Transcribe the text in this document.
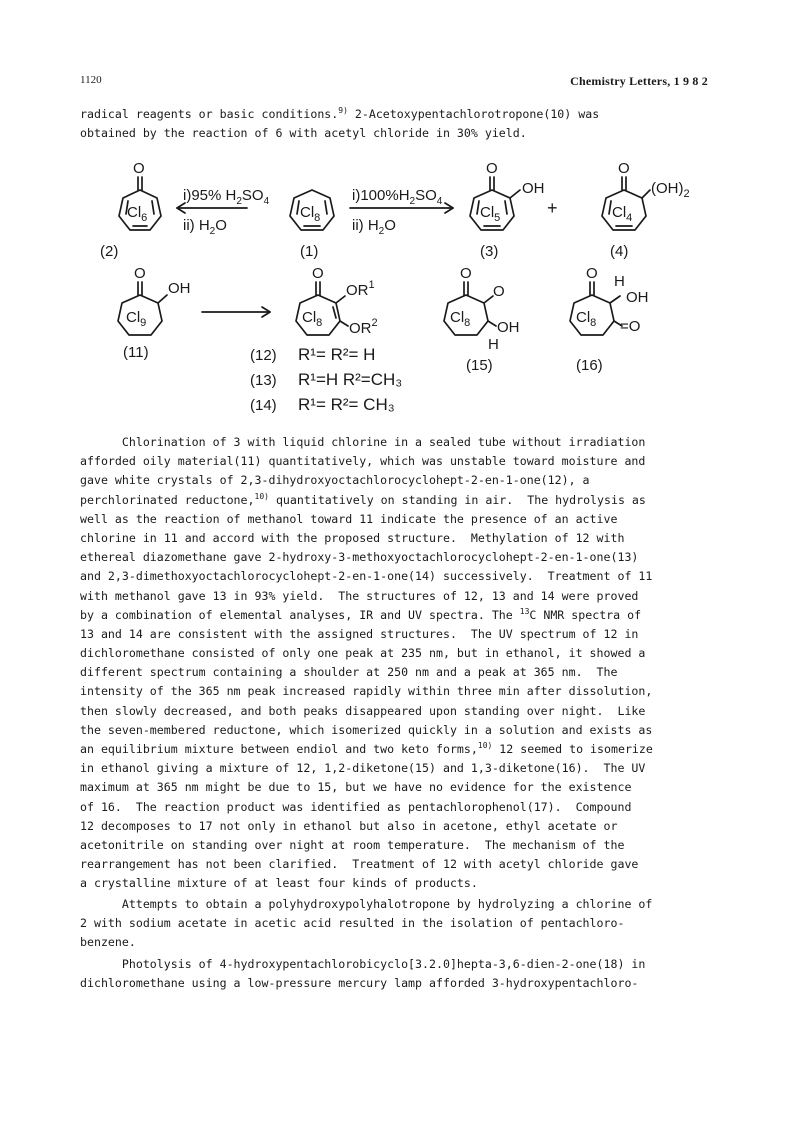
1120	Chemistry Letters, 1 9 8 2
radical reagents or basic conditions.$^{9)}$ 2-Acetoxypentachlorotropone(10) was
obtained by the reaction of 6 with acetyl chloride in 30% yield.
$Cl_6$
O
$Cl_8$	$Cl_5$
O
OH
$Cl_4$
O
$(OH)_2$
+
i)95% $H_2SO_4$
ii) $H_2O$
$i)100\%H_2SO_4$
ii) $H_2O$
(2)	(1)	(3)	(4)
$Cl_9$
O
OH
$Cl_8$
O
$OR^1$
$OR^2$	$Cl_8$
O
O
OH
H
$Cl_8$
O H
OH
=O
(11)
(15)	(16)
(12) R¹= R²= H
(13) R¹=H R²=CH₃
(14) R¹= R²= CH₃
Chlorination of 3 with liquid chlorine in a sealed tube without irradiation
afforded oily material(11) quantitatively, which was unstable toward moisture and
gave white crystals of 2,3-dihydroxyoctachlorocyclohept-2-en-1-one(12), a
perchlorinated reductone,$^{10)}$ quantitatively on standing in air.  The hydrolysis as
well as the reaction of methanol toward 11 indicate the presence of an active
chlorine in 11 and accord with the proposed structure.  Methylation of 12 with
ethereal diazomethane gave 2-hydroxy-3-methoxyoctachlorocyclohept-2-en-1-one(13)
and 2,3-dimethoxyoctachlorocyclohept-2-en-1-one(14) successively.  Treatment of 11
with methanol gave 13 in 93% yield.  The structures of 12, 13 and 14 were proved
by a combination of elemental analyses, IR and UV spectra. The $^{13}$C NMR spectra of
13 and 14 are consistent with the assigned structures.  The UV spectrum of 12 in
dichloromethane consisted of only one peak at 235 nm, but in ethanol, it showed a
different spectrum containing a shoulder at 250 nm and a peak at 365 nm.  The
intensity of the 365 nm peak increased rapidly within three min after dissolution,
then slowly decreased, and both peaks disappeared upon standing over night.  Like
the seven-membered reductone, which isomerized quickly in a solution and exists as
an equilibrium mixture between endiol and two keto forms,$^{10)}$ 12 seemed to isomerize
in ethanol giving a mixture of 12, 1,2-diketone(15) and 1,3-diketone(16).  The UV
maximum at 365 nm might be due to 15, but we have no evidence for the existence
of 16.  The reaction product was identified as pentachlorophenol(17).  Compound
12 decomposes to 17 not only in ethanol but also in acetone, ethyl acetate or
acetonitrile on standing over night at room temperature.  The mechanism of the
rearrangement has not been clarified.  Treatment of 12 with acetyl chloride gave
a crystalline mixture of at least four kinds of products.
Attempts to obtain a polyhydroxypolyhalotropone by hydrolyzing a chlorine of
2 with sodium acetate in acetic acid resulted in the isolation of pentachloro-
benzene.
Photolysis of 4-hydroxypentachlorobicyclo[3.2.0]hepta-3,6-dien-2-one(18) in
dichloromethane using a low-pressure mercury lamp afforded 3-hydroxypentachloro-
